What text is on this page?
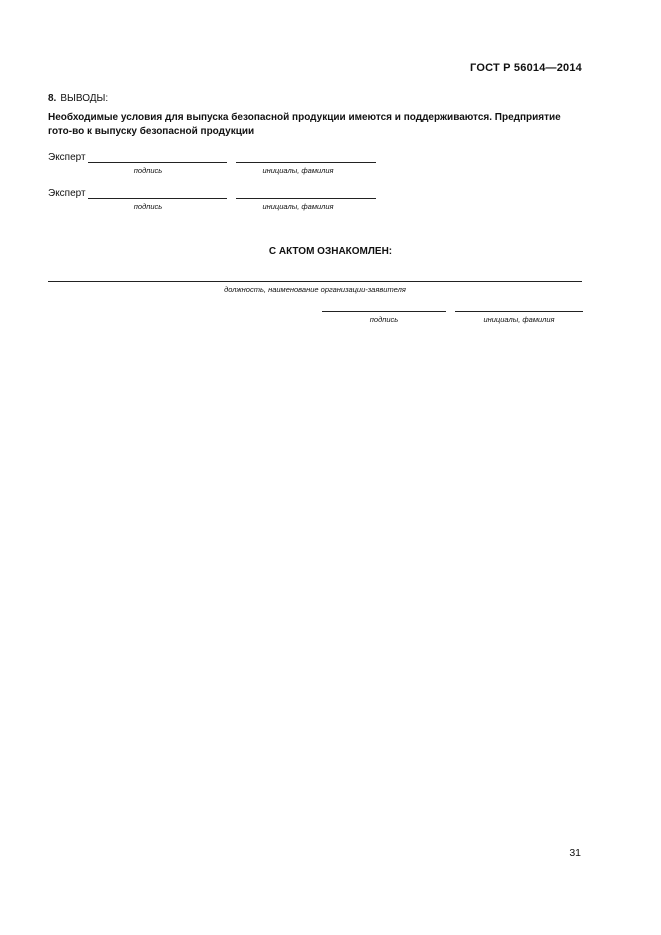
ГОСТ Р 56014—2014
8. ВЫВОДЫ:
Необходимые условия для выпуска безопасной продукции имеются и поддерживаются. Предприятие гото-во к выпуску безопасной продукции
Эксперт
подпись	инициалы, фамилия
Эксперт
подпись	инициалы, фамилия
С АКТОМ ОЗНАКОМЛЕН:
должность, наименование организации-заявителя
подпись	инициалы, фамилия
31
